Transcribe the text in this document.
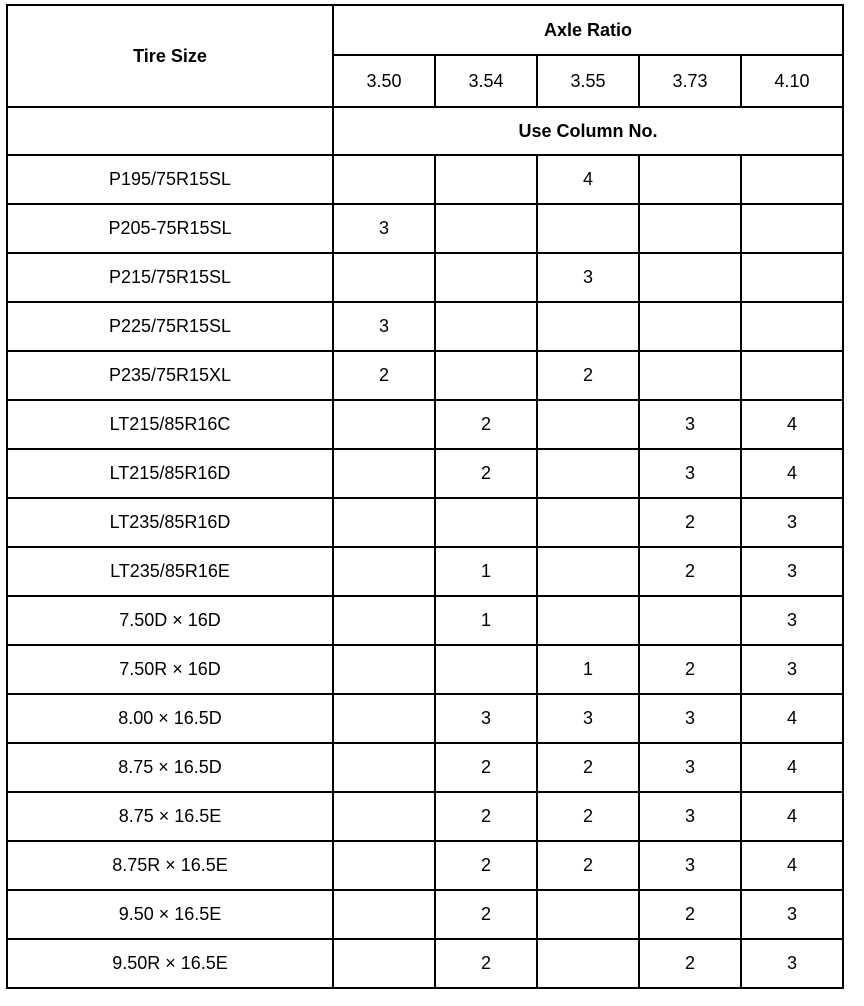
Tire Size	Axle Ratio				
	3.50	3.54	3.55	3.73	4.10
	Use Column No.				
P195/75R15SL			4		
P205-75R15SL	3				
P215/75R15SL			3		
P225/75R15SL	3				
P235/75R15XL	2		2		
LT215/85R16C		2		3	4
LT215/85R16D		2		3	4
LT235/85R16D				2	3
LT235/85R16E		1		2	3
7.50D × 16D		1			3
7.50R × 16D			1	2	3
8.00 × 16.5D		3	3	3	4
8.75 × 16.5D		2	2	3	4
8.75 × 16.5E		2	2	3	4
8.75R × 16.5E		2	2	3	4
9.50 × 16.5E		2		2	3
9.50R × 16.5E		2		2	3
